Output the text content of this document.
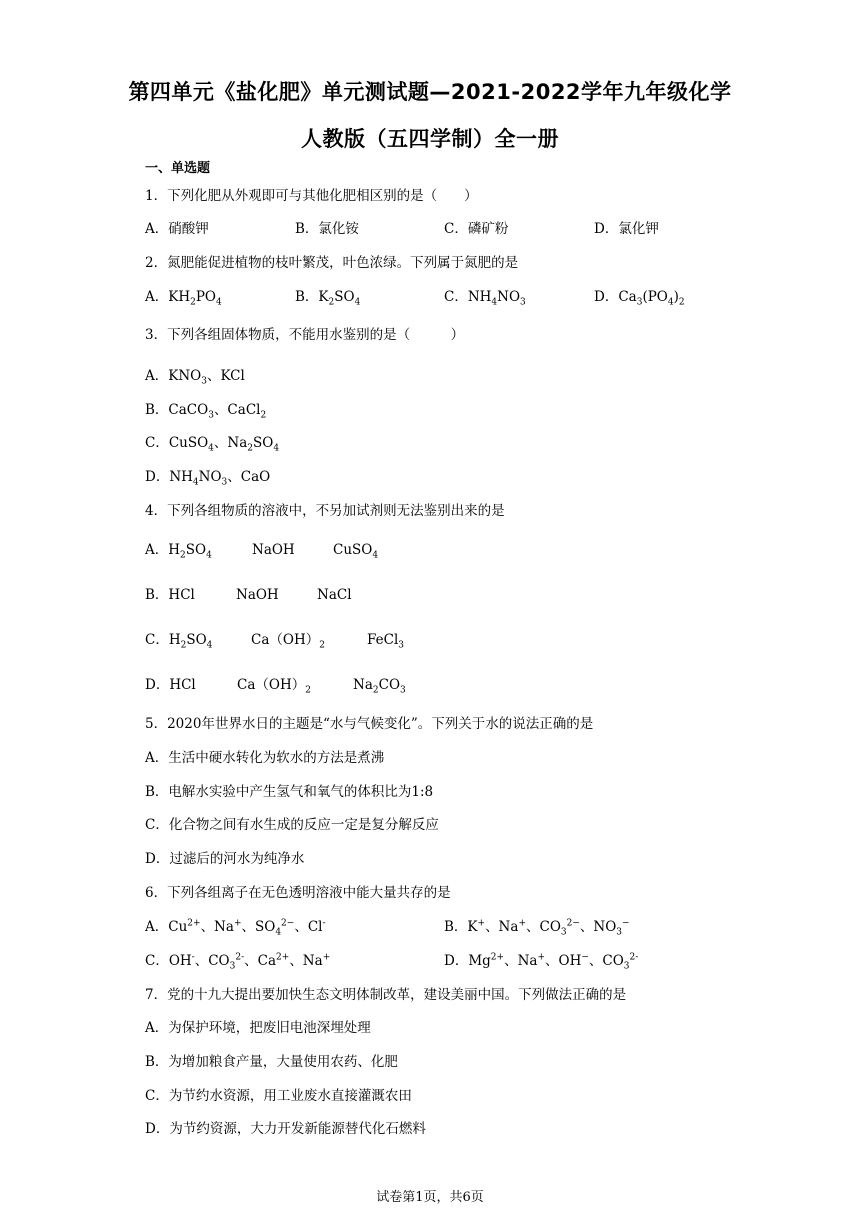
第四单元《盐化肥》单元测试题—2021-2022学年九年级化学
人教版（五四学制）全一册
一、单选题
1．下列化肥从外观即可与其他化肥相区别的是（　　）
A．硝酸钾	B．氯化铵	C．磷矿粉	D．氯化钾
2．氮肥能促进植物的枝叶繁茂，叶色浓绿。下列属于氮肥的是
A．$KH_2PO_4$	B．$K_2SO_4$	C．$NH_4NO_3$	D．$Ca_3(PO_4)_2$
3．下列各组固体物质，不能用水鉴别的是（　　　）
A．$KNO_3$、KCl
B．CaCO$_3$、CaCl$_2$
C．CuSO$_4$、$Na_2SO_4$
D．$NH_4NO_3$、CaO
4．下列各组物质的溶液中，不另加试剂则无法鉴别出来的是
A．$H_2SO_4$	NaOH	CuSO$_4$
B．HCl	NaOH	NaCl
C．$H_2SO_4$	$Ca(OH)_2$	FeCl$_3$
D．HCl	$Ca(OH)_2$	$Na_2CO_3$
5．2020年世界水日的主题是“水与气候变化”。下列关于水的说法正确的是
A．生活中硬水转化为软水的方法是煮沸
B．电解水实验中产生氢气和氧气的体积比为1:8
C．化合物之间有水生成的反应一定是复分解反应
D．过滤后的河水为纯净水
6．下列各组离子在无色透明溶液中能大量共存的是
A．$Cu^{2+}$、Na+、$SO_4^{2-}$、Cl-	B．K+、Na+、$CO_3^{2-}$、$NO_3^-$
C．OH-、$CO_3^{2-}$、$Ca^{2+}$、Na+	D．$Mg^{2+}$、Na+、OH−、$CO_3^{2-}$
7．党的十九大提出要加快生态文明体制改革，建设美丽中国。下列做法正确的是
A．为保护环境，把废旧电池深埋处理
B．为增加粮食产量，大量使用农药、化肥
C．为节约水资源，用工业废水直接灌溉农田
D．为节约资源，大力开发新能源替代化石燃料
试卷第1页，共6页
